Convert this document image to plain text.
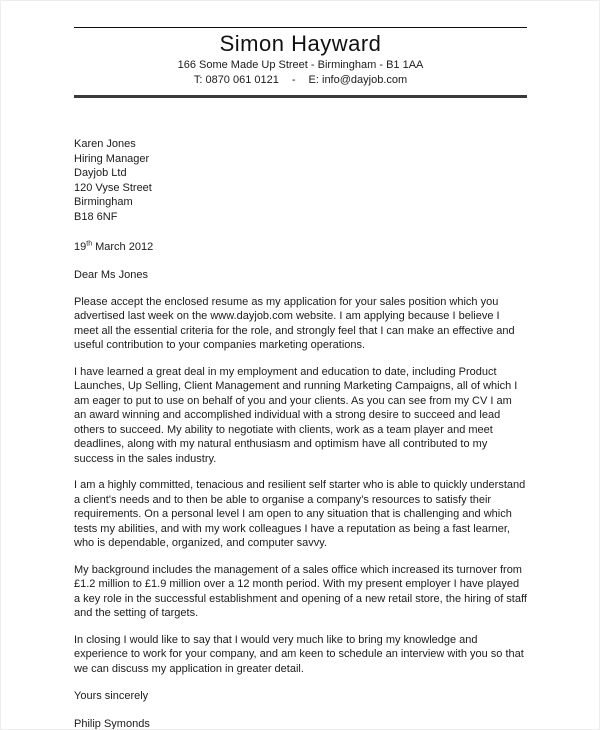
Simon Hayward
166 Some Made Up Street - Birmingham - B1 1AA
T: 0870 061 0121 - E: info@dayjob.com
Karen Jones
Hiring Manager
Dayjob Ltd
120 Vyse Street
Birmingham
B18 6NF
19th March 2012
Dear Ms Jones

Please accept the enclosed resume as my application for your sales position which you advertised last week on the www.dayjob.com website. I am applying because I believe I meet all the essential criteria for the role, and strongly feel that I can make an effective and useful contribution to your companies marketing operations.

I have learned a great deal in my employment and education to date, including Product Launches, Up Selling, Client Management and running Marketing Campaigns, all of which I am eager to put to use on behalf of you and your clients. As you can see from my CV I am an award winning and accomplished individual with a strong desire to succeed and lead others to succeed. My ability to negotiate with clients, work as a team player and meet deadlines, along with my natural enthusiasm and optimism have all contributed to my success in the sales industry.

I am a highly committed, tenacious and resilient self starter who is able to quickly understand a client's needs and to then be able to organise a company’s resources to satisfy their requirements. On a personal level I am open to any situation that is challenging and which tests my abilities, and with my work colleagues I have a reputation as being a fast learner, who is dependable, organized, and computer savvy.

My background includes the management of a sales office which increased its turnover from £1.2 million to £1.9 million over a 12 month period. With my present employer I have played a key role in the successful establishment and opening of a new retail store, the hiring of staff and the setting of targets.

In closing I would like to say that I would very much like to bring my knowledge and experience to work for your company, and am keen to schedule an interview with you so that we can discuss my application in greater detail.

Yours sincerely
Philip Symonds
